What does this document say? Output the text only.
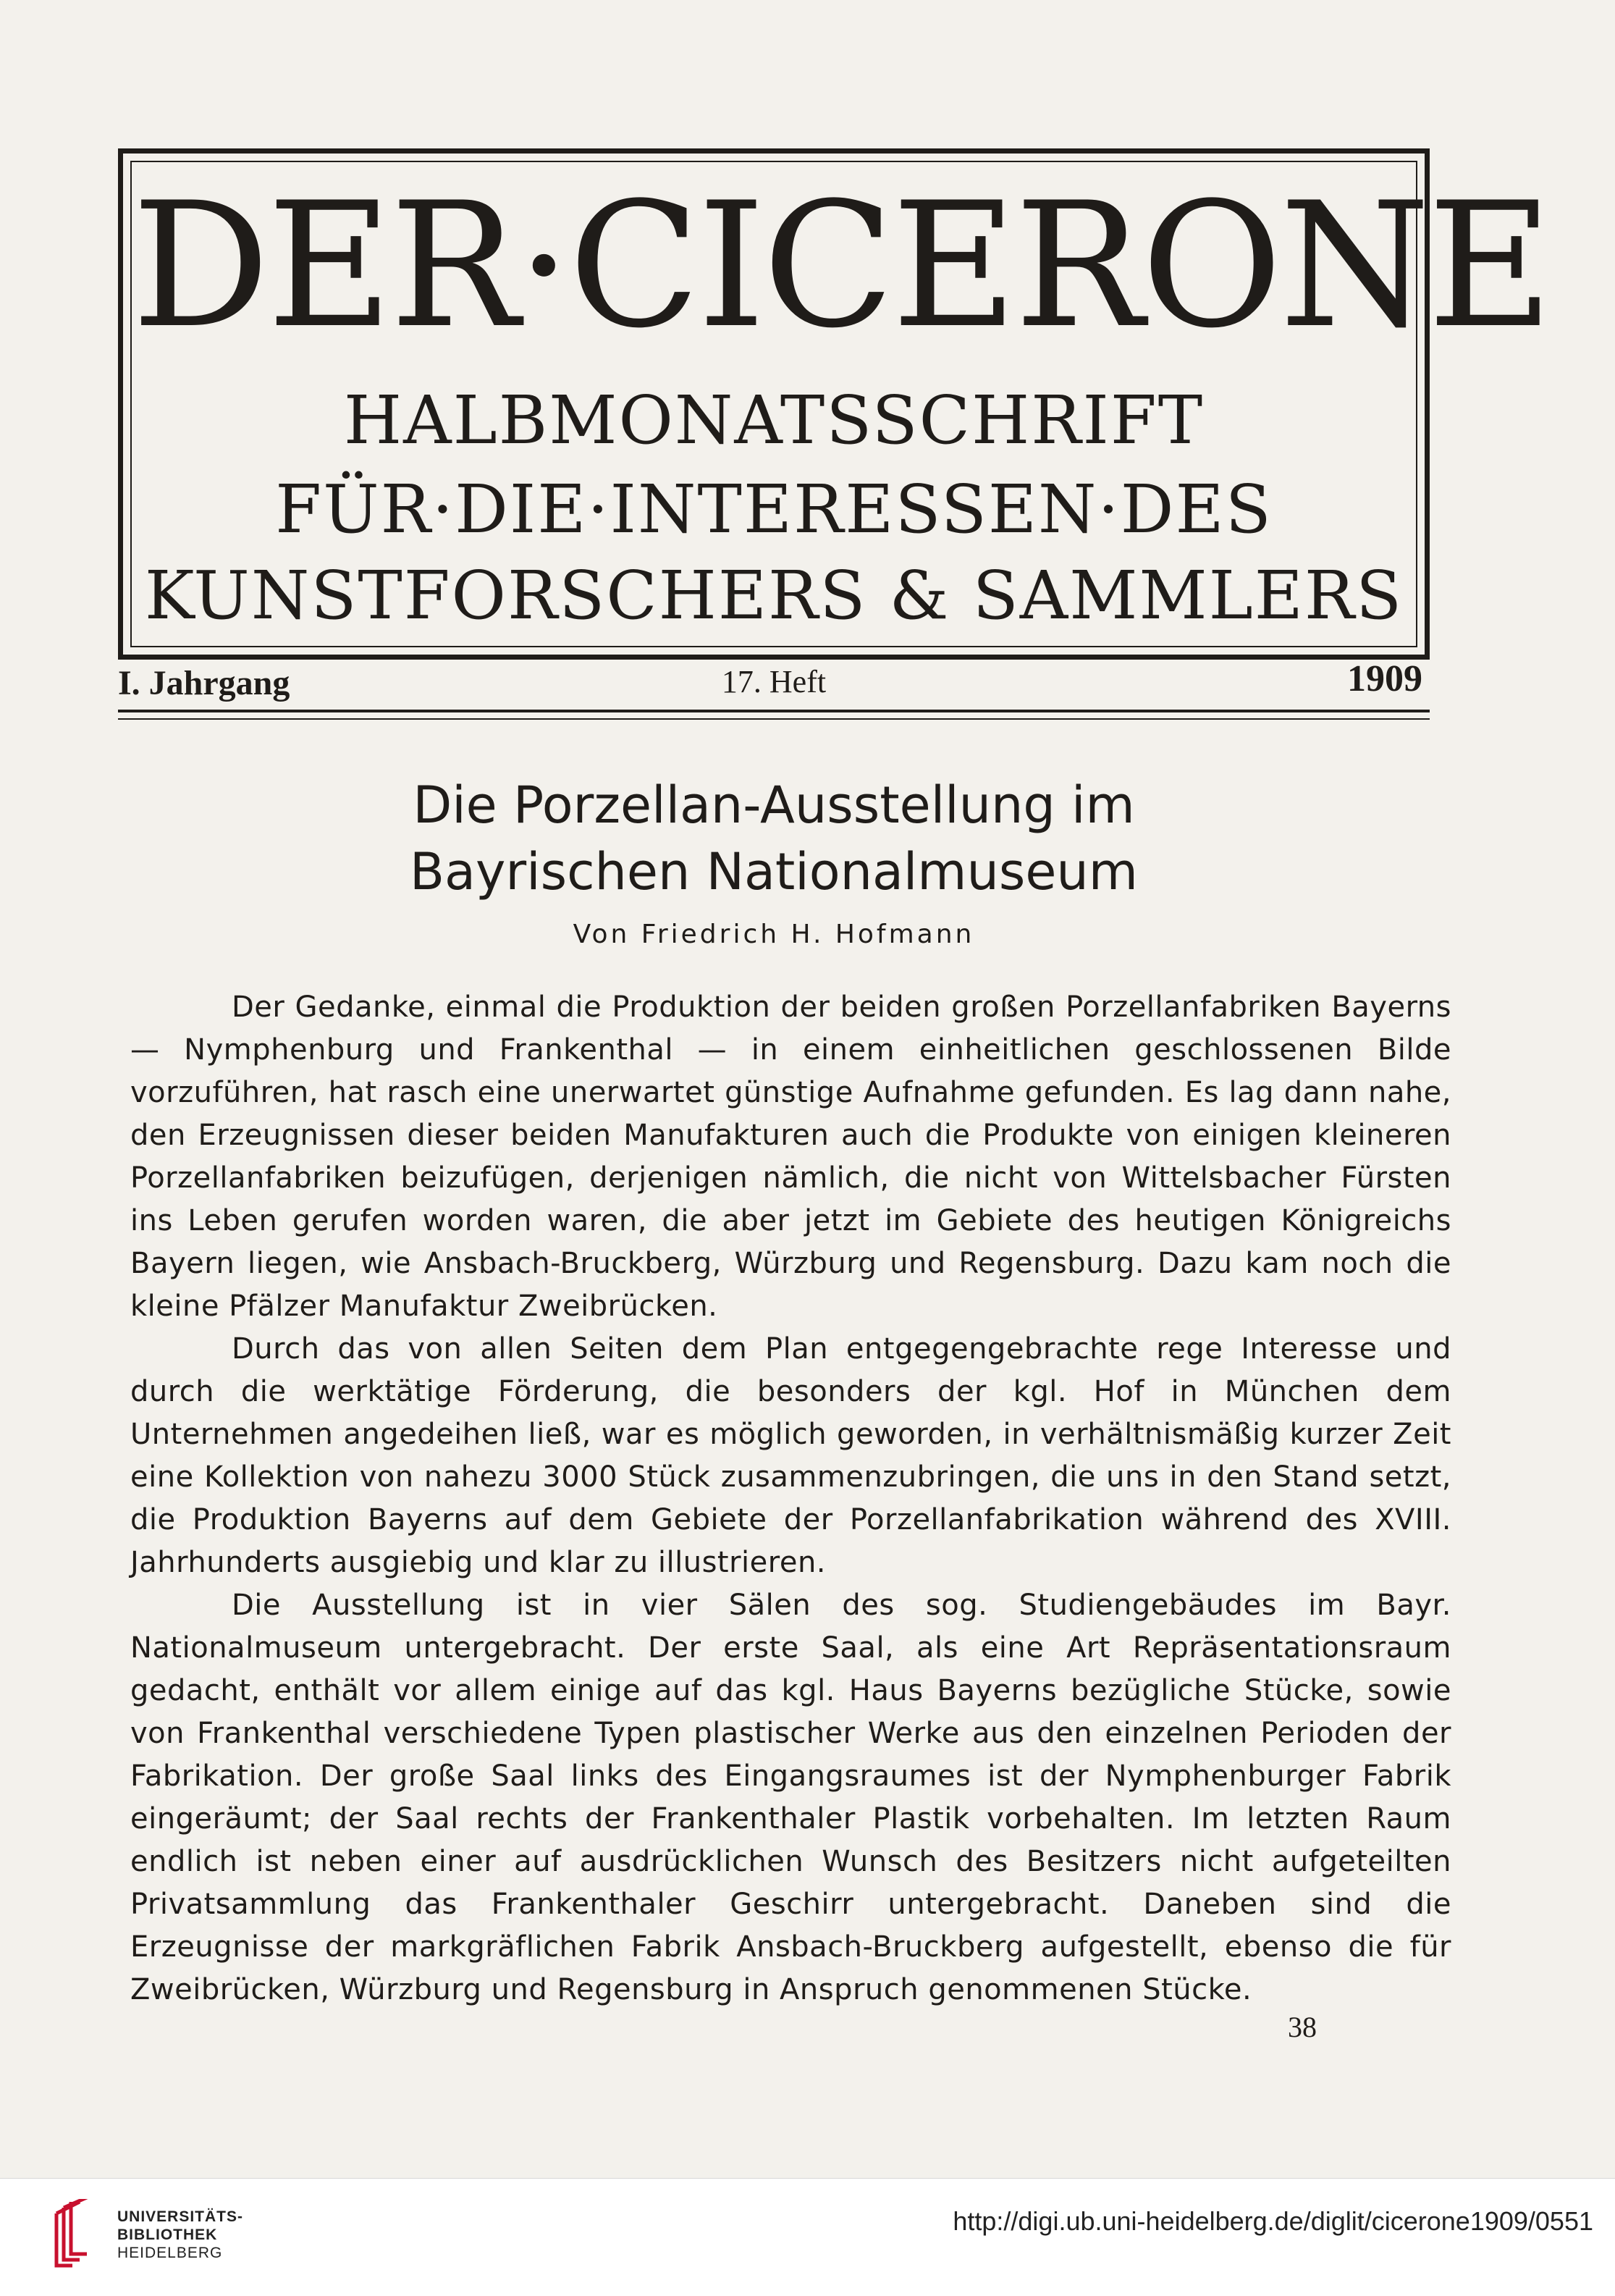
DER·CICERONE
HALBMONATSSCHRIFT
FÜR·DIE·INTERESSEN·DES
KUNSTFORSCHERS & SAMMLERS
I. Jahrgang	17. Heft	1909
Die Porzellan-Ausstellung im
Bayrischen Nationalmuseum
Von Friedrich H. Hofmann

Der Gedanke, einmal die Produktion der beiden großen Porzellanfabriken Bayerns — Nymphenburg und Frankenthal — in einem einheitlichen geschlossenen Bilde vorzuführen, hat rasch eine unerwartet günstige Aufnahme gefunden. Es lag dann nahe, den Erzeugnissen dieser beiden Manufakturen auch die Produkte von einigen kleineren Porzellanfabriken beizufügen, derjenigen nämlich, die nicht von Wittelsbacher Fürsten ins Leben gerufen worden waren, die aber jetzt im Gebiete des heutigen Königreichs Bayern liegen, wie Ansbach-Bruckberg, Würzburg und Regensburg. Dazu kam noch die kleine Pfälzer Manufaktur Zweibrücken.

Durch das von allen Seiten dem Plan entgegengebrachte rege Interesse und durch die werktätige Förderung, die besonders der kgl. Hof in München dem Unternehmen angedeihen ließ, war es möglich geworden, in verhältnismäßig kurzer Zeit eine Kollektion von nahezu 3000 Stück zusammenzubringen, die uns in den Stand setzt, die Produktion Bayerns auf dem Gebiete der Porzellanfabrikation während des XVIII. Jahrhunderts ausgiebig und klar zu illustrieren.

Die Ausstellung ist in vier Sälen des sog. Studiengebäudes im Bayr. Nationalmuseum untergebracht. Der erste Saal, als eine Art Repräsentationsraum gedacht, enthält vor allem einige auf das kgl. Haus Bayerns bezügliche Stücke, sowie von Frankenthal verschiedene Typen plastischer Werke aus den einzelnen Perioden der Fabrikation. Der große Saal links des Eingangsraumes ist der Nymphenburger Fabrik eingeräumt; der Saal rechts der Frankenthaler Plastik vorbehalten. Im letzten Raum endlich ist neben einer auf ausdrücklichen Wunsch des Besitzers nicht aufgeteilten Privatsammlung das Frankenthaler Geschirr untergebracht. Daneben sind die Erzeugnisse der markgräflichen Fabrik Ansbach-Bruckberg aufgestellt, ebenso die für Zweibrücken, Würzburg und Regensburg in Anspruch genommenen Stücke.

38
UNIVERSITÄTS-
BIBLIOTHEK
HEIDELBERG
http://digi.ub.uni-heidelberg.de/diglit/cicerone1909/0551
